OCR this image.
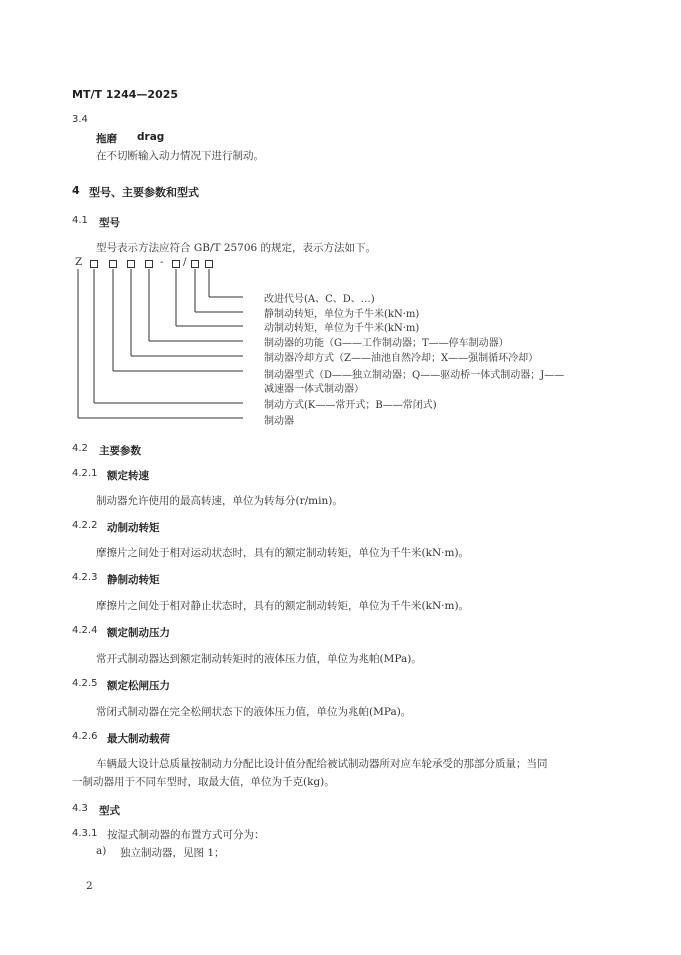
MT/T 1244—2025
3.4
拖磨 drag
在不切断输入动力情况下进行制动。
4 型号、主要参数和型式
4.1 型号
型号表示方法应符合 GB/T 25706 的规定，表示方法如下。
Z	- /
改进代号(A、C、D、…)
静制动转矩，单位为千牛米(kN·m)
动制动转矩，单位为千牛米(kN·m)
制动器的功能（G——工作制动器；T——停车制动器）
制动器冷却方式（Z——油池自然冷却；X——强制循环冷却）
制动器型式（D——独立制动器；Q——驱动桥一体式制动器；J——
减速器一体式制动器）
制动方式(K——常开式；B——常闭式)
制动器
4.2 主要参数
4.2.1 额定转速
制动器允许使用的最高转速，单位为转每分(r/min)。
4.2.2 动制动转矩
摩擦片之间处于相对运动状态时，具有的额定制动转矩，单位为千牛米(kN·m)。
4.2.3 静制动转矩
摩擦片之间处于相对静止状态时，具有的额定制动转矩，单位为千牛米(kN·m)。
4.2.4 额定制动压力
常开式制动器达到额定制动转矩时的液体压力值，单位为兆帕(MPa)。
4.2.5 额定松闸压力
常闭式制动器在完全松闸状态下的液体压力值，单位为兆帕(MPa)。
4.2.6 最大制动载荷
车辆最大设计总质量按制动力分配比设计值分配给被试制动器所对应车轮承受的那部分质量；当同
一制动器用于不同车型时，取最大值，单位为千克(kg)。
4.3 型式
4.3.1 按湿式制动器的布置方式可分为：
a) 独立制动器，见图 1；
2
